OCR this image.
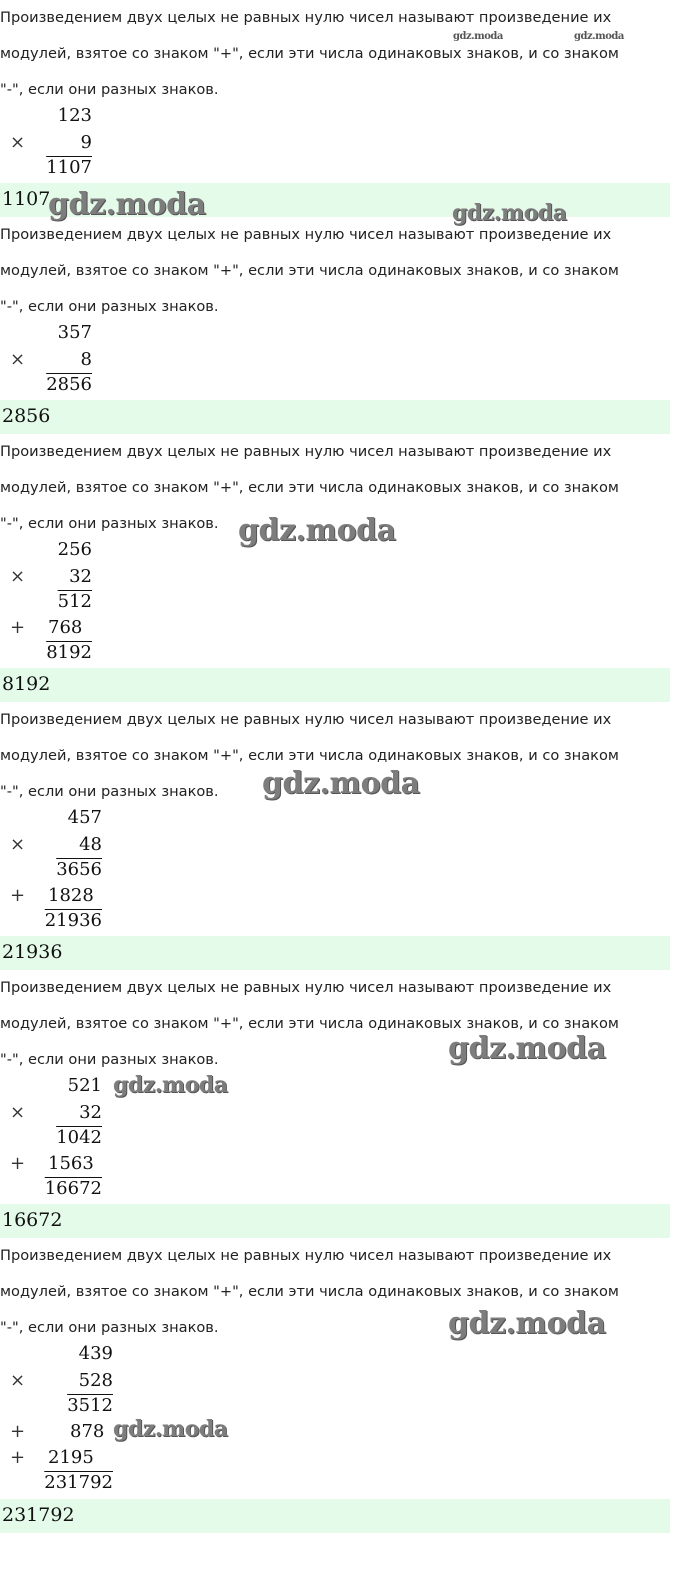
Произведением двух целых не равных нулю чисел называют произведение их
модулей, взятое со знаком "+", если эти числа одинаковых знаков, и со знаком
"-", если они разных знаков.
123
×	9
1107
1107
gdz.moda	gdz.moda
gdz.moda	gdz.moda
Произведением двух целых не равных нулю чисел называют произведение их
модулей, взятое со знаком "+", если эти числа одинаковых знаков, и со знаком
"-", если они разных знаков.
357
×	8
2856
2856
Произведением двух целых не равных нулю чисел называют произведение их
модулей, взятое со знаком "+", если эти числа одинаковых знаков, и со знаком
"-", если они разных знаков.
256
×	32
512
+ 768
8192
8192
gdz.moda
Произведением двух целых не равных нулю чисел называют произведение их
модулей, взятое со знаком "+", если эти числа одинаковых знаков, и со знаком
"-", если они разных знаков.
457
×	48
3656
+ 1828
21936
21936
gdz.moda
Произведением двух целых не равных нулю чисел называют произведение их
модулей, взятое со знаком "+", если эти числа одинаковых знаков, и со знаком
"-", если они разных знаков.
521
×	32
1042
+ 1563
16672
16672
gdz.moda
gdz.moda
Произведением двух целых не равных нулю чисел называют произведение их
модулей, взятое со знаком "+", если эти числа одинаковых знаков, и со знаком
"-", если они разных знаков.
439
×	528
3512
+ 878
+ 2195
231792
231792
gdz.moda
gdz.moda
